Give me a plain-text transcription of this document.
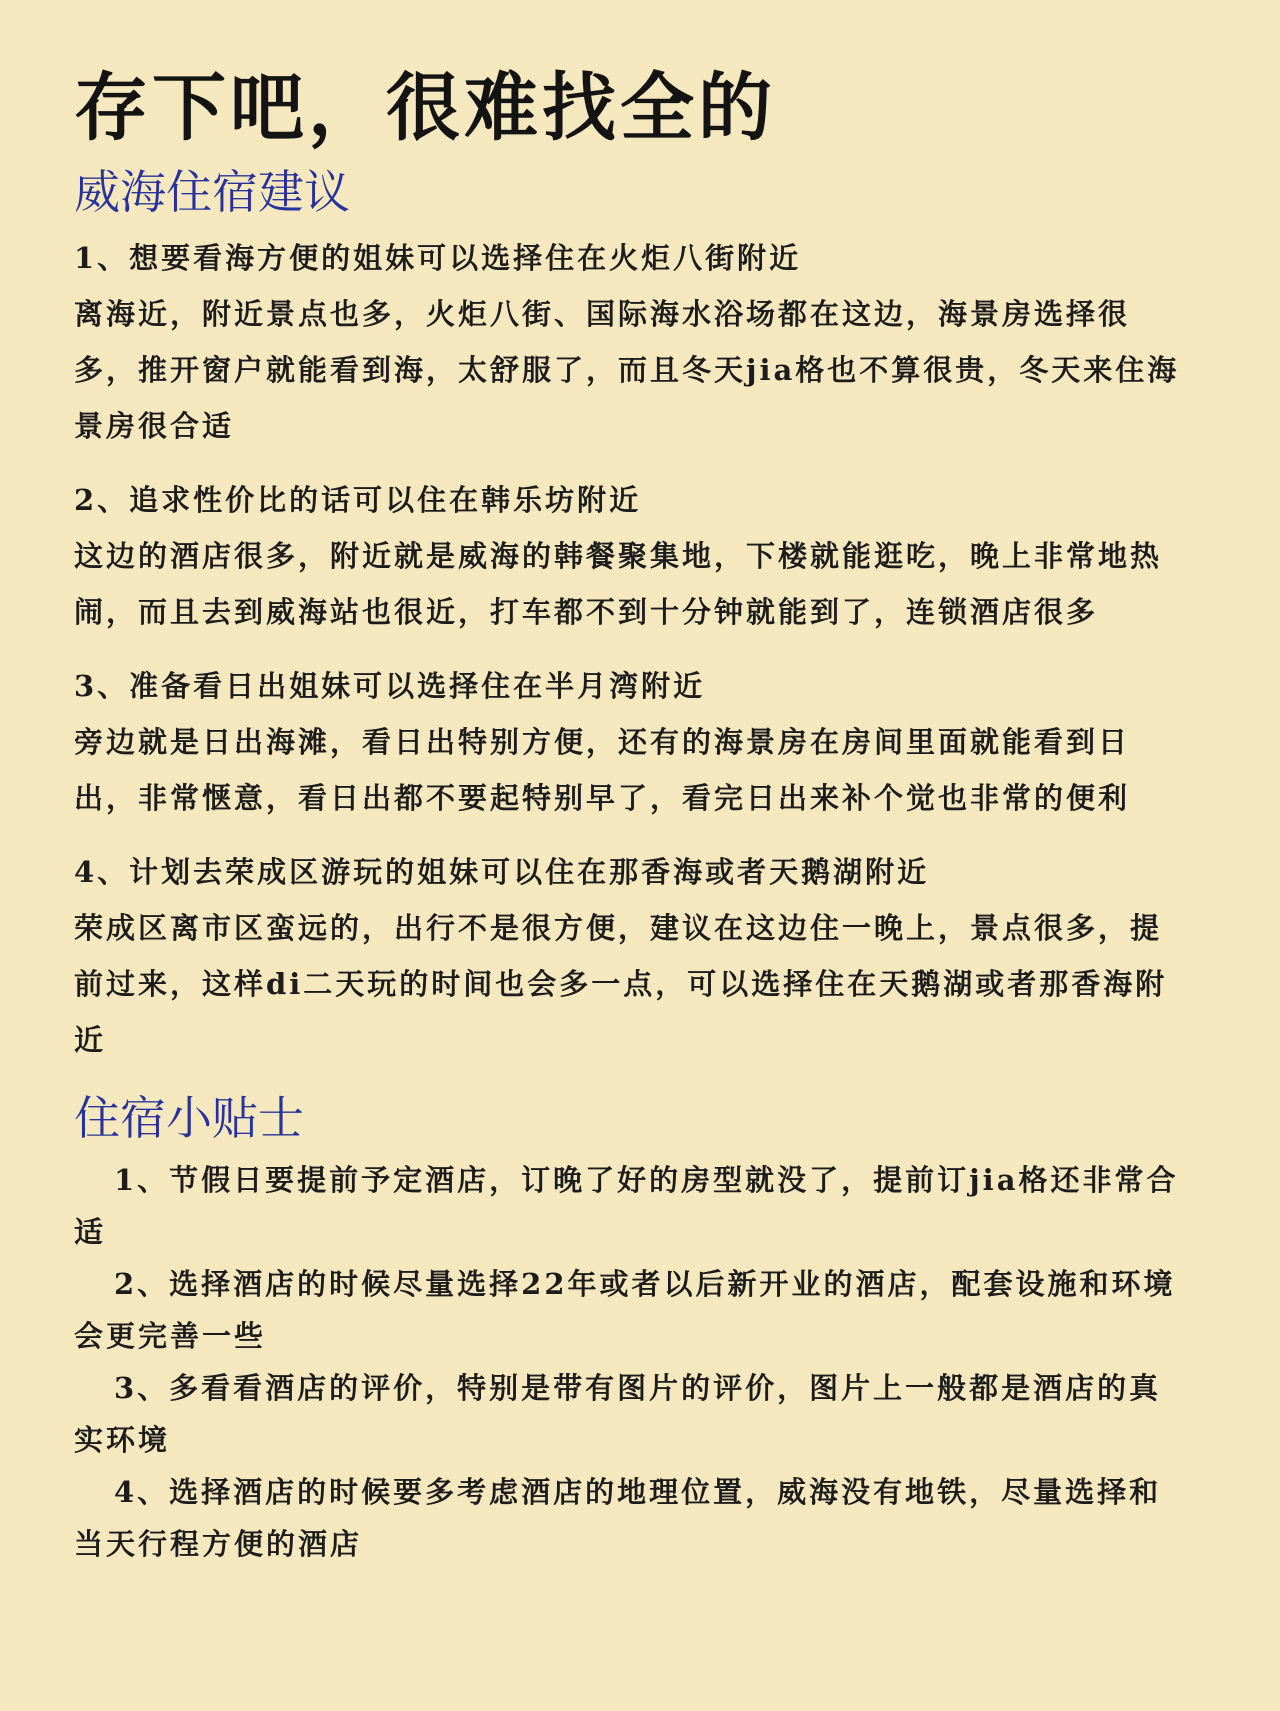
存下吧，很难找全的
威海住宿建议

1、想要看海方便的姐妹可以选择住在火炬八街附近

离海近，附近景点也多，火炬八街、国际海水浴场都在这边，海景房选择很多，推开窗户就能看到海，太舒服了，而且冬天jia格也不算很贵，冬天来住海景房很合适

2、追求性价比的话可以住在韩乐坊附近

这边的酒店很多，附近就是威海的韩餐聚集地，下楼就能逛吃，晚上非常地热闹，而且去到威海站也很近，打车都不到十分钟就能到了，连锁酒店很多

3、准备看日出姐妹可以选择住在半月湾附近

旁边就是日出海滩，看日出特别方便，还有的海景房在房间里面就能看到日出，非常惬意，看日出都不要起特别早了，看完日出来补个觉也非常的便利

4、计划去荣成区游玩的姐妹可以住在那香海或者天鹅湖附近

荣成区离市区蛮远的，出行不是很方便，建议在这边住一晚上，景点很多，提前过来，这样di二天玩的时间也会多一点，可以选择住在天鹅湖或者那香海附近

住宿小贴士

1、节假日要提前予定酒店，订晚了好的房型就没了，提前订jia格还非常合适

2、选择酒店的时候尽量选择22年或者以后新开业的酒店，配套设施和环境会更完善一些

3、多看看酒店的评价，特别是带有图片的评价，图片上一般都是酒店的真实环境

4、选择酒店的时候要多考虑酒店的地理位置，威海没有地铁，尽量选择和当天行程方便的酒店
